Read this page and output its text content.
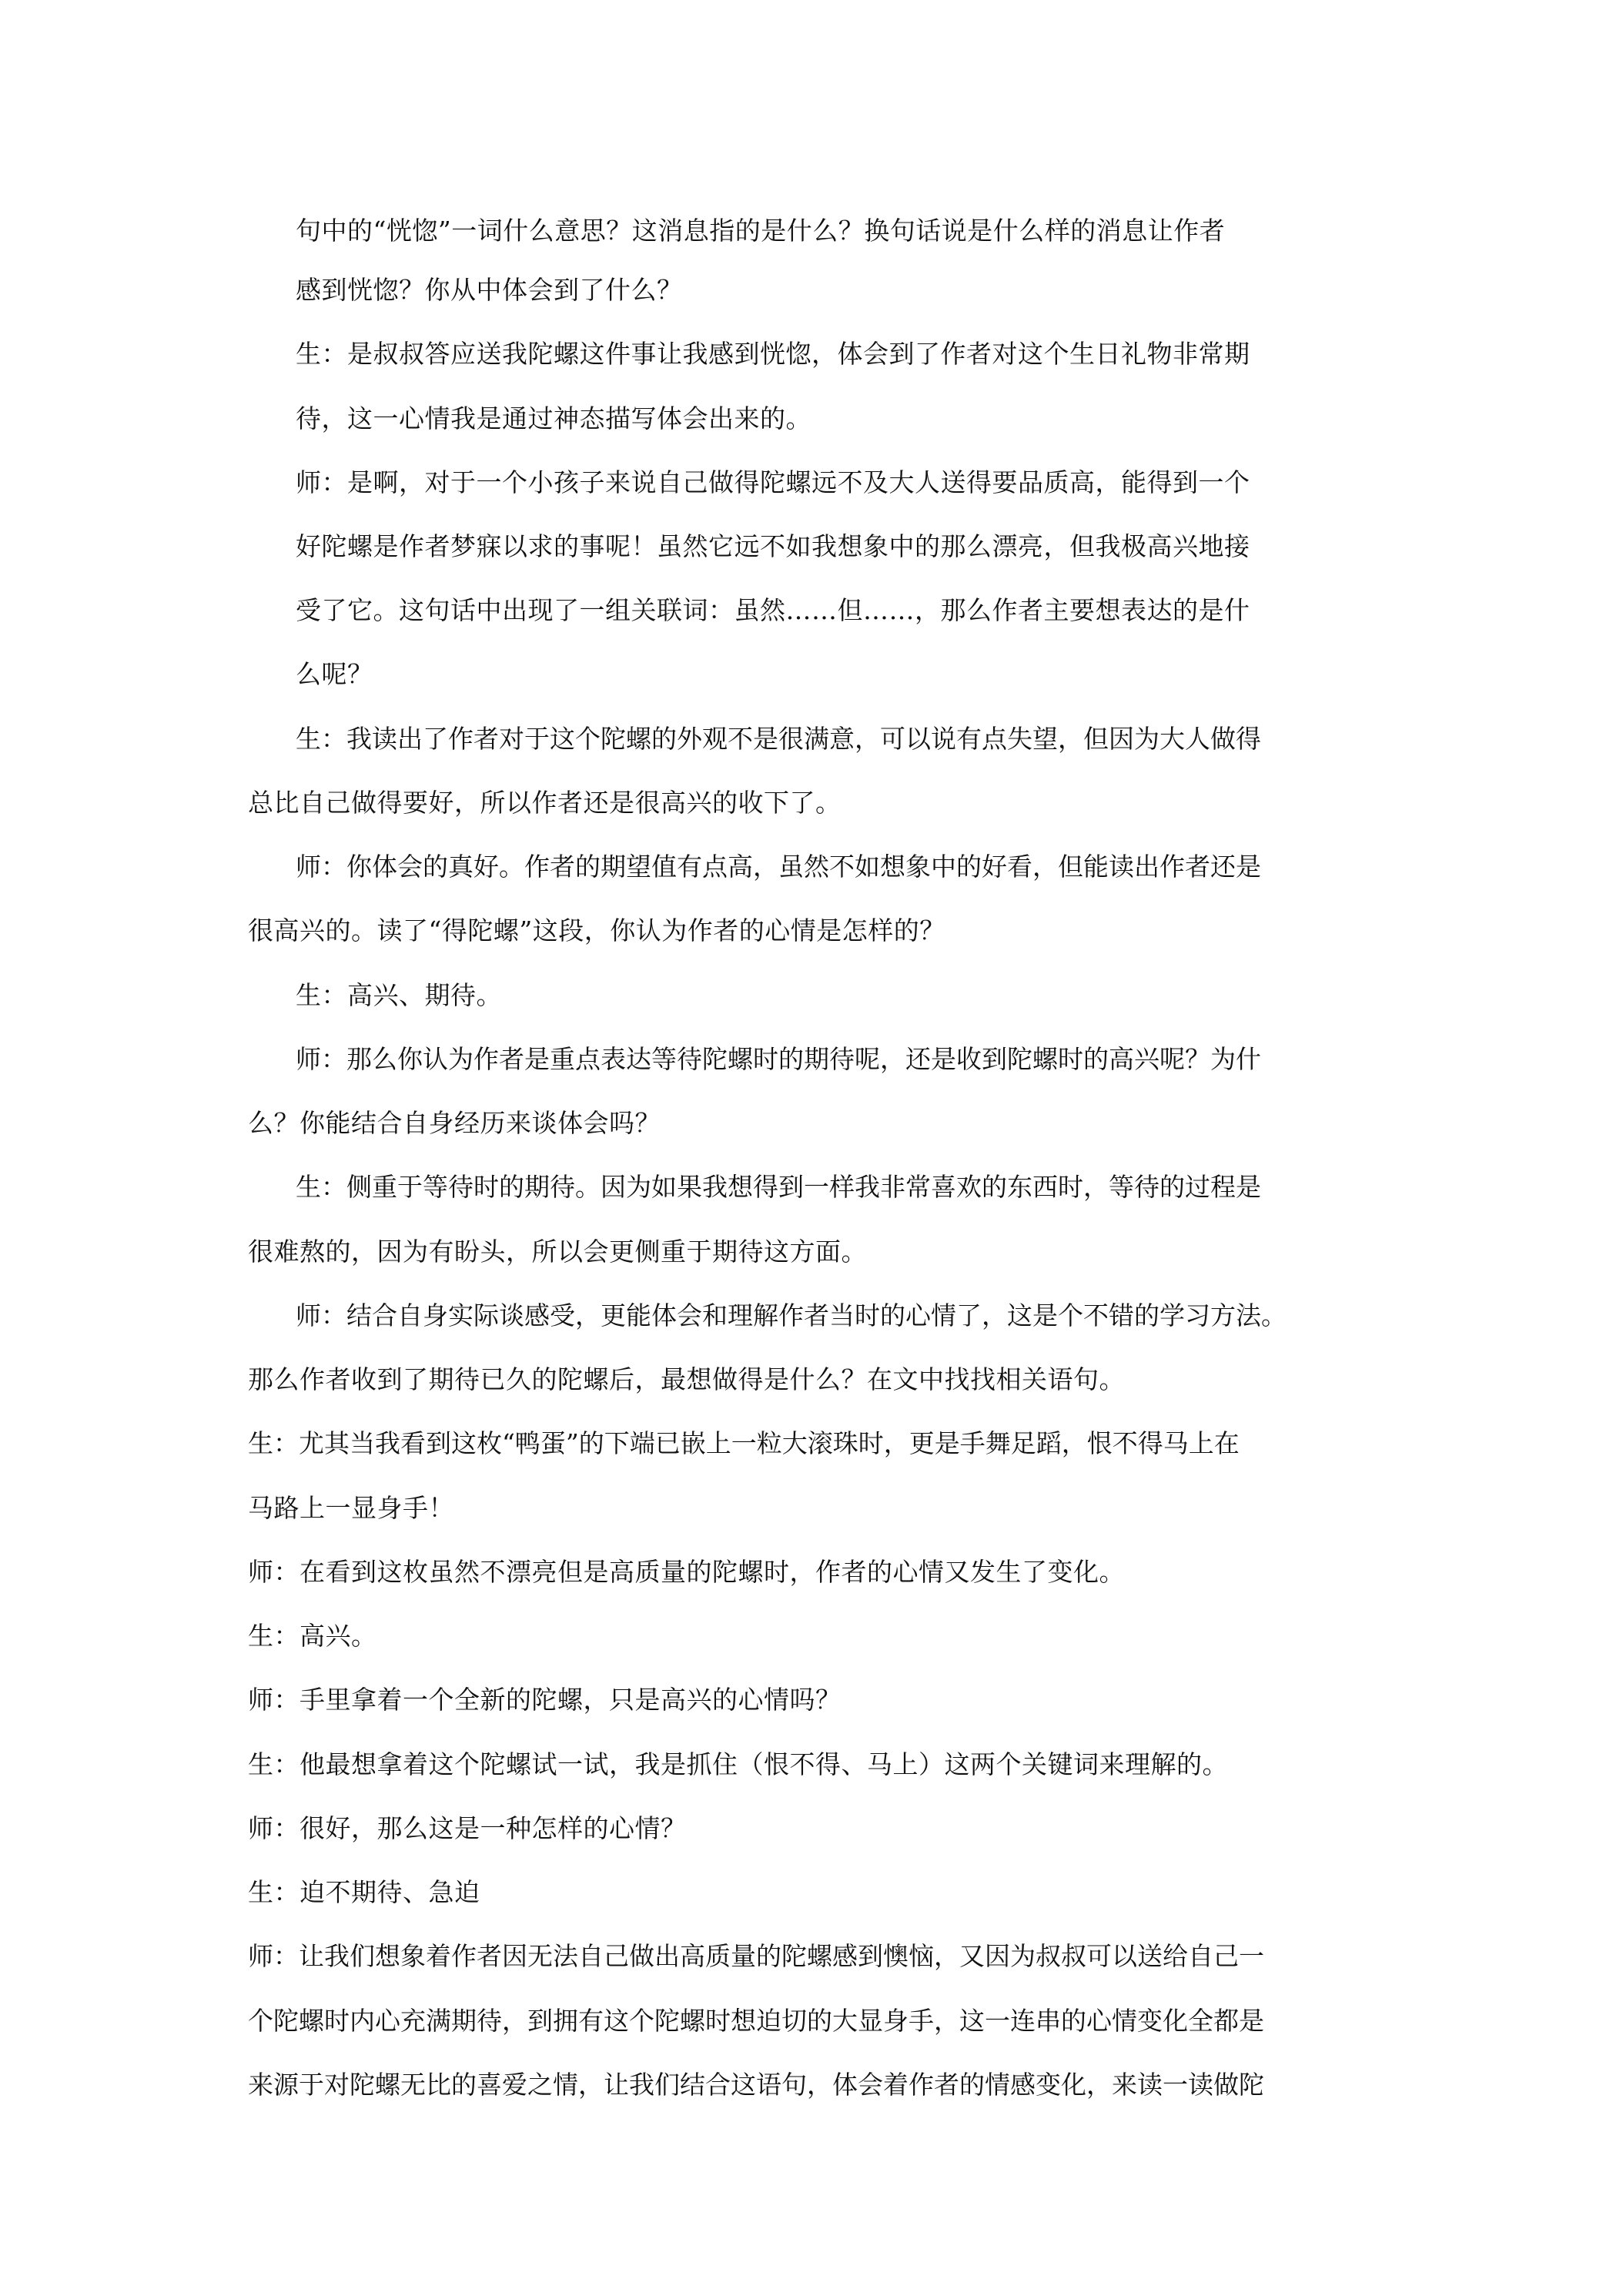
句中的“恍惚”一词什么意思？这消息指的是什么？换句话说是什么样的消息让作者

感到恍惚？你从中体会到了什么？

生：是叔叔答应送我陀螺这件事让我感到恍惚，体会到了作者对这个生日礼物非常期

待，这一心情我是通过神态描写体会出来的。

师：是啊，对于一个小孩子来说自己做得陀螺远不及大人送得要品质高，能得到一个

好陀螺是作者梦寐以求的事呢！虽然它远不如我想象中的那么漂亮，但我极高兴地接

受了它。这句话中出现了一组关联词：虽然……但……，那么作者主要想表达的是什

么呢？

生：我读出了作者对于这个陀螺的外观不是很满意，可以说有点失望，但因为大人做得

总比自己做得要好，所以作者还是很高兴的收下了。

师：你体会的真好。作者的期望值有点高，虽然不如想象中的好看，但能读出作者还是

很高兴的。读了“得陀螺”这段，你认为作者的心情是怎样的？

生：高兴、期待。

师：那么你认为作者是重点表达等待陀螺时的期待呢，还是收到陀螺时的高兴呢？为什

么？你能结合自身经历来谈体会吗？

生：侧重于等待时的期待。因为如果我想得到一样我非常喜欢的东西时，等待的过程是

很难熬的，因为有盼头，所以会更侧重于期待这方面。

师：结合自身实际谈感受，更能体会和理解作者当时的心情了，这是个不错的学习方法。

那么作者收到了期待已久的陀螺后，最想做得是什么？在文中找找相关语句。

生：尤其当我看到这枚“鸭蛋”的下端已嵌上一粒大滚珠时，更是手舞足蹈，恨不得马上在

马路上一显身手！

师：在看到这枚虽然不漂亮但是高质量的陀螺时，作者的心情又发生了变化。

生：高兴。

师：手里拿着一个全新的陀螺，只是高兴的心情吗？

生：他最想拿着这个陀螺试一试，我是抓住（恨不得、马上）这两个关键词来理解的。

师：很好，那么这是一种怎样的心情？

生：迫不期待、急迫

师：让我们想象着作者因无法自己做出高质量的陀螺感到懊恼，又因为叔叔可以送给自己一

个陀螺时内心充满期待，到拥有这个陀螺时想迫切的大显身手，这一连串的心情变化全都是

来源于对陀螺无比的喜爱之情，让我们结合这语句，体会着作者的情感变化，来读一读做陀
